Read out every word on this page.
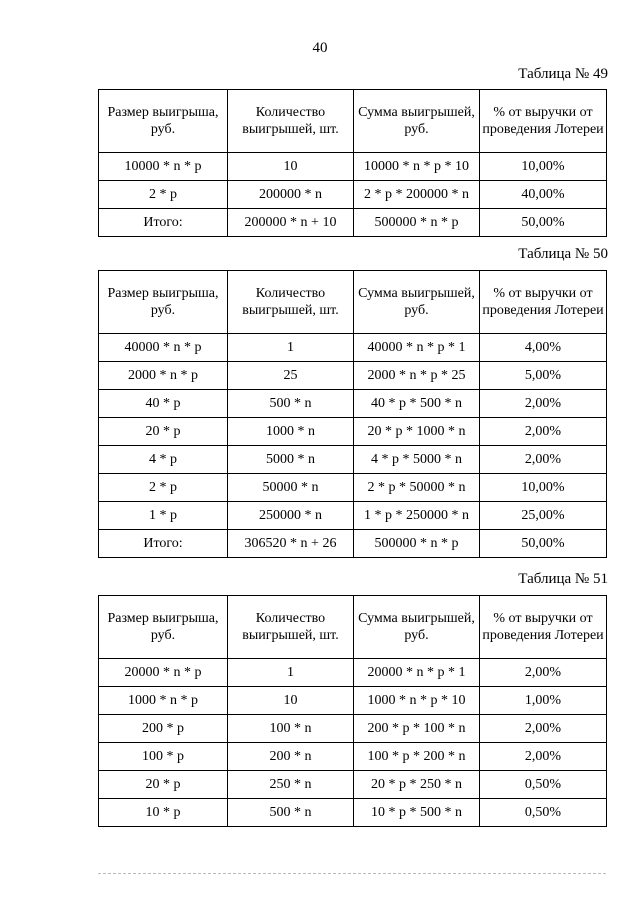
40
Таблица № 49
Размер выигрыша, руб.	Количество выигрышей, шт.	Сумма выигрышей, руб.	% от выручки от проведения Лотереи
10000 * n * p	10	10000 * n * p * 10	10,00%
2 * p	200000 * n	2 * p * 200000 * n	40,00%
Итого:	200000 * n + 10	500000 * n * p	50,00%
Таблица № 50
Размер выигрыша, руб.	Количество выигрышей, шт.	Сумма выигрышей, руб.	% от выручки от проведения Лотереи
40000 * n * p	1	40000 * n * p * 1	4,00%
2000 * n * p	25	2000 * n * p * 25	5,00%
40 * p	500 * n	40 * p * 500 * n	2,00%
20 * p	1000 * n	20 * p * 1000 * n	2,00%
4 * p	5000 * n	4 * p * 5000 * n	2,00%
2 * p	50000 * n	2 * p * 50000 * n	10,00%
1 * p	250000 * n	1 * p * 250000 * n	25,00%
Итого:	306520 * n + 26	500000 * n * p	50,00%
Таблица № 51
Размер выигрыша, руб.	Количество выигрышей, шт.	Сумма выигрышей, руб.	% от выручки от проведения Лотереи
20000 * n * p	1	20000 * n * p * 1	2,00%
1000 * n * p	10	1000 * n * p * 10	1,00%
200 * p	100 * n	200 * p * 100 * n	2,00%
100 * p	200 * n	100 * p * 200 * n	2,00%
20 * p	250 * n	20 * p * 250 * n	0,50%
10 * p	500 * n	10 * p * 500 * n	0,50%
